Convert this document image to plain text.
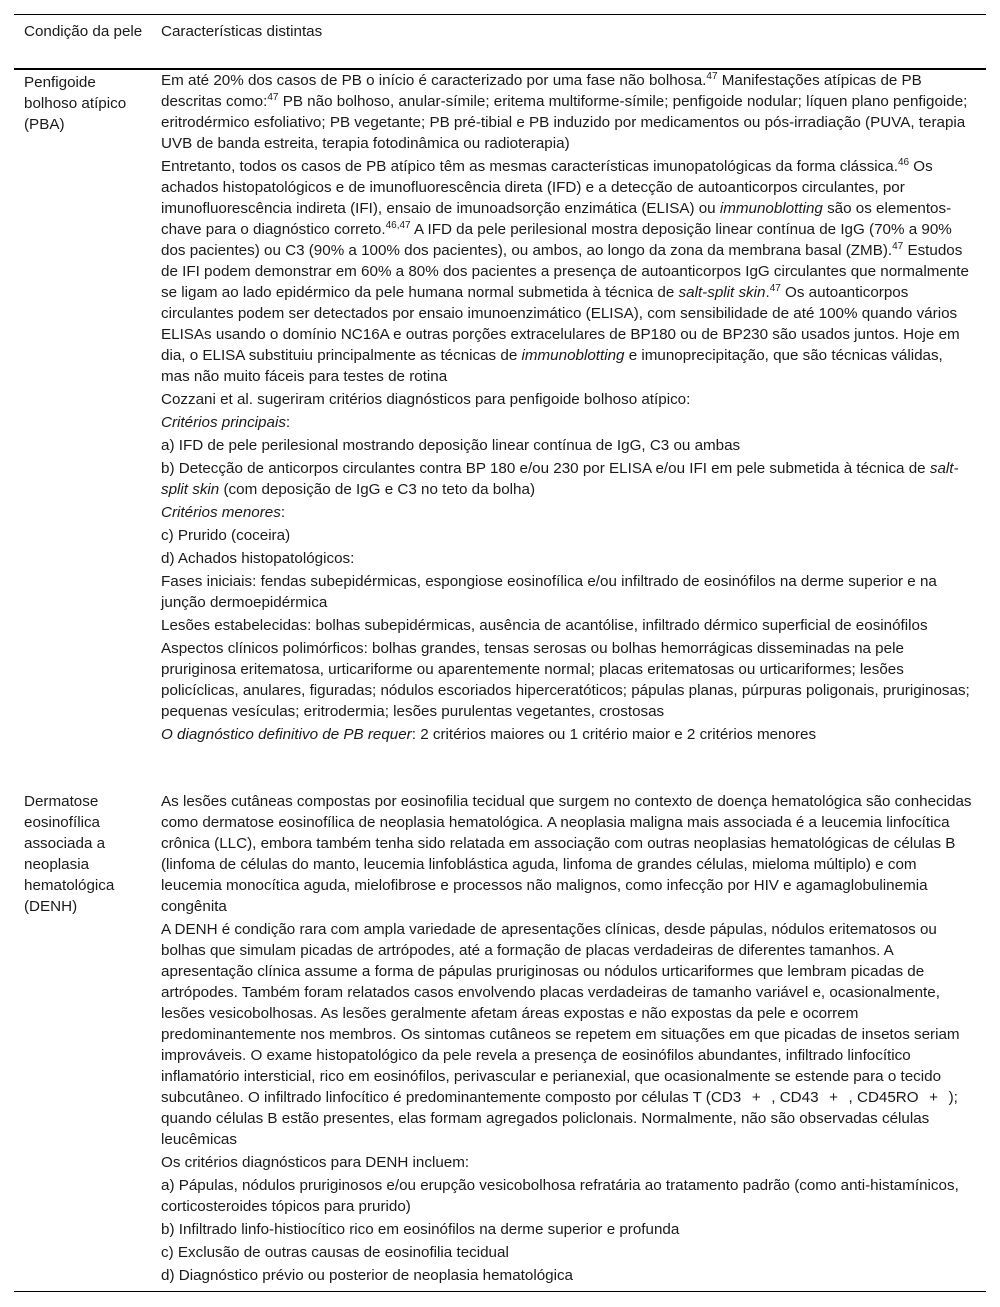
Condição da pele Características distintas
Penfigoide bolhoso atípico (PBA)
Em até 20% dos casos de PB o início é caracterizado por uma fase não bolhosa.$^{47}$ Manifestações atípicas de PB descritas como:$^{47}$ PB não bolhoso, anular-símile; eritema multiforme-símile; penfigoide nodular; líquen plano penfigoide; eritrodérmico esfoliativo; PB vegetante; PB pré-tibial e PB induzido por medicamentos ou pós-irradiação (PUVA, terapia UVB de banda estreita, terapia fotodinâmica ou radioterapia)
Entretanto, todos os casos de PB atípico têm as mesmas características imunopatológicas da forma clássica.$^{46}$ Os achados histopatológicos e de imunofluorescência direta (IFD) e a detecção de autoanticorpos circulantes, por imunofluorescência indireta (IFI), ensaio de imunoadsorção enzimática (ELISA) ou immunoblotting são os elementos-chave para o diagnóstico correto.$^{46,47}$ A IFD da pele perilesional mostra deposição linear contínua de IgG (70% a 90% dos pacientes) ou C3 (90% a 100% dos pacientes), ou ambos, ao longo da zona da membrana basal (ZMB).$^{47}$ Estudos de IFI podem demonstrar em 60% a 80% dos pacientes a presença de autoanticorpos IgG circulantes que normalmente se ligam ao lado epidérmico da pele humana normal submetida à técnica de salt-split skin.$^{47}$ Os autoanticorpos circulantes podem ser detectados por ensaio imunoenzimático (ELISA), com sensibilidade de até 100% quando vários ELISAs usando o domínio NC16A e outras porções extracelulares de BP180 ou de BP230 são usados juntos. Hoje em dia, o ELISA substituiu principalmente as técnicas de immunoblotting e imunoprecipitação, que são técnicas válidas, mas não muito fáceis para testes de rotina
Cozzani et al. sugeriram critérios diagnósticos para penfigoide bolhoso atípico:
Critérios principais:
a) IFD de pele perilesional mostrando deposição linear contínua de IgG, C3 ou ambas
b) Detecção de anticorpos circulantes contra BP 180 e/ou 230 por ELISA e/ou IFI em pele submetida à técnica de salt-split skin (com deposição de IgG e C3 no teto da bolha)
Critérios menores:
c) Prurido (coceira)
d) Achados histopatológicos:
Fases iniciais: fendas subepidérmicas, espongiose eosinofílica e/ou infiltrado de eosinófilos na derme superior e na junção dermoepidérmica
Lesões estabelecidas: bolhas subepidérmicas, ausência de acantólise, infiltrado dérmico superficial de eosinófilos
Aspectos clínicos polimórficos: bolhas grandes, tensas serosas ou bolhas hemorrágicas disseminadas na pele pruriginosa eritematosa, urticariforme ou aparentemente normal; placas eritematosas ou urticariformes; lesões policíclicas, anulares, figuradas; nódulos escoriados hiperceratóticos; pápulas planas, púrpuras poligonais, pruriginosas; pequenas vesículas; eritrodermia; lesões purulentas vegetantes, crostosas
O diagnóstico definitivo de PB requer: 2 critérios maiores ou 1 critério maior e 2 critérios menores
Dermatose eosinofílica associada a neoplasia hematológica (DENH)
As lesões cutâneas compostas por eosinofilia tecidual que surgem no contexto de doença hematológica são conhecidas como dermatose eosinofílica de neoplasia hematológica. A neoplasia maligna mais associada é a leucemia linfocítica crônica (LLC), embora também tenha sido relatada em associação com outras neoplasias hematológicas de células B (linfoma de células do manto, leucemia linfoblástica aguda, linfoma de grandes células, mieloma múltiplo) e com leucemia monocítica aguda, mielofibrose e processos não malignos, como infecção por HIV e agamaglobulinemia congênita
A DENH é condição rara com ampla variedade de apresentações clínicas, desde pápulas, nódulos eritematosos ou bolhas que simulam picadas de artrópodes, até a formação de placas verdadeiras de diferentes tamanhos. A apresentação clínica assume a forma de pápulas pruriginosas ou nódulos urticariformes que lembram picadas de artrópodes. Também foram relatados casos envolvendo placas verdadeiras de tamanho variável e, ocasionalmente, lesões vesicobolhosas. As lesões geralmente afetam áreas expostas e não expostas da pele e ocorrem predominantemente nos membros. Os sintomas cutâneos se repetem em situações em que picadas de insetos seriam improváveis. O exame histopatológico da pele revela a presença de eosinófilos abundantes, infiltrado linfocítico inflamatório intersticial, rico em eosinófilos, perivascular e perianexial, que ocasionalmente se estende para o tecido subcutâneo. O infiltrado linfocítico é predominantemente composto por células T (CD3 + , CD43 + , CD45RO + ); quando células B estão presentes, elas formam agregados policlonais. Normalmente, não são observadas células leucêmicas
Os critérios diagnósticos para DENH incluem:
a) Pápulas, nódulos pruriginosos e/ou erupção vesicobolhosa refratária ao tratamento padrão (como anti-histamínicos, corticosteroides tópicos para prurido)
b) Infiltrado linfo-histiocítico rico em eosinófilos na derme superior e profunda
c) Exclusão de outras causas de eosinofilia tecidual
d) Diagnóstico prévio ou posterior de neoplasia hematológica
